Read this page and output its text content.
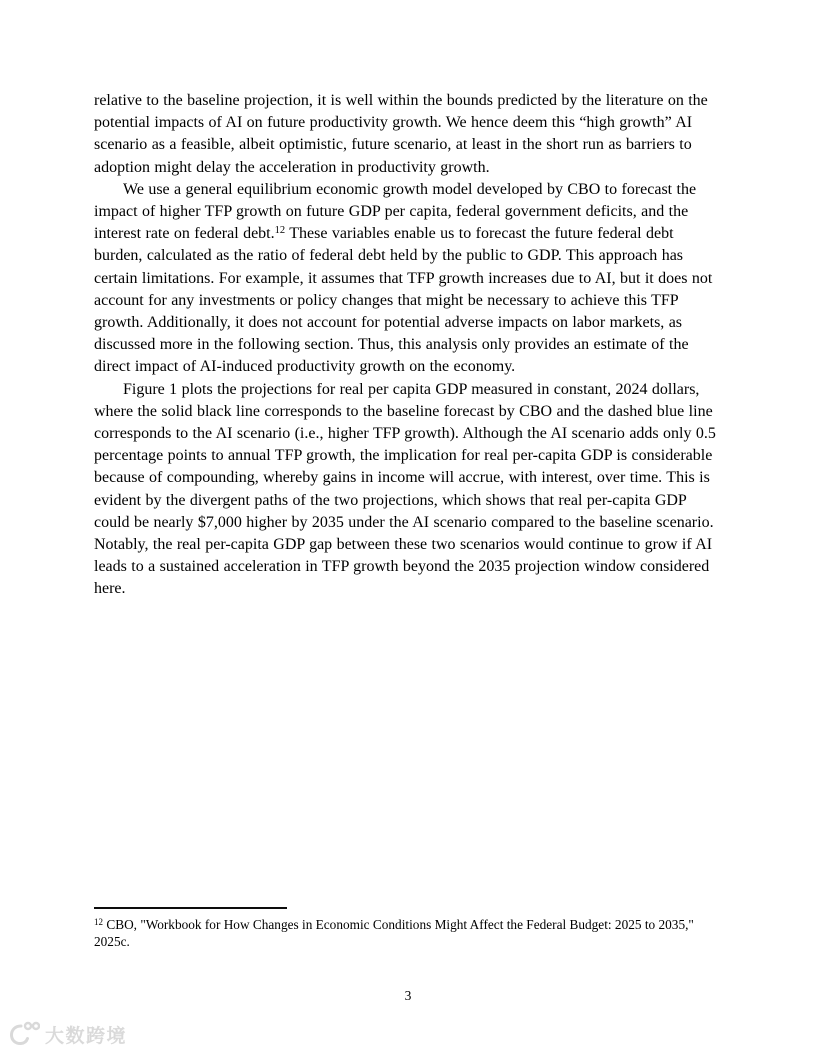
relative to the baseline projection, it is well within the bounds predicted by the literature on the potential impacts of AI on future productivity growth. We hence deem this “high growth” AI scenario as a feasible, albeit optimistic, future scenario, at least in the short run as barriers to adoption might delay the acceleration in productivity growth.

We use a general equilibrium economic growth model developed by CBO to forecast the impact of higher TFP growth on future GDP per capita, federal government deficits, and the interest rate on federal debt.$^{12}$ These variables enable us to forecast the future federal debt burden, calculated as the ratio of federal debt held by the public to GDP. This approach has certain limitations. For example, it assumes that TFP growth increases due to AI, but it does not account for any investments or policy changes that might be necessary to achieve this TFP growth. Additionally, it does not account for potential adverse impacts on labor markets, as discussed more in the following section. Thus, this analysis only provides an estimate of the direct impact of AI-induced productivity growth on the economy.

Figure 1 plots the projections for real per capita GDP measured in constant, 2024 dollars, where the solid black line corresponds to the baseline forecast by CBO and the dashed blue line corresponds to the AI scenario (i.e., higher TFP growth). Although the AI scenario adds only 0.5 percentage points to annual TFP growth, the implication for real per-capita GDP is considerable because of compounding, whereby gains in income will accrue, with interest, over time. This is evident by the divergent paths of the two projections, which shows that real per-capita GDP could be nearly $7,000 higher by 2035 under the AI scenario compared to the baseline scenario. Notably, the real per-capita GDP gap between these two scenarios would continue to grow if AI leads to a sustained acceleration in TFP growth beyond the 2035 projection window considered here.

$^{12}$ CBO, "Workbook for How Changes in Economic Conditions Might Affect the Federal Budget: 2025 to 2035," 2025c.

3
大数跨境
